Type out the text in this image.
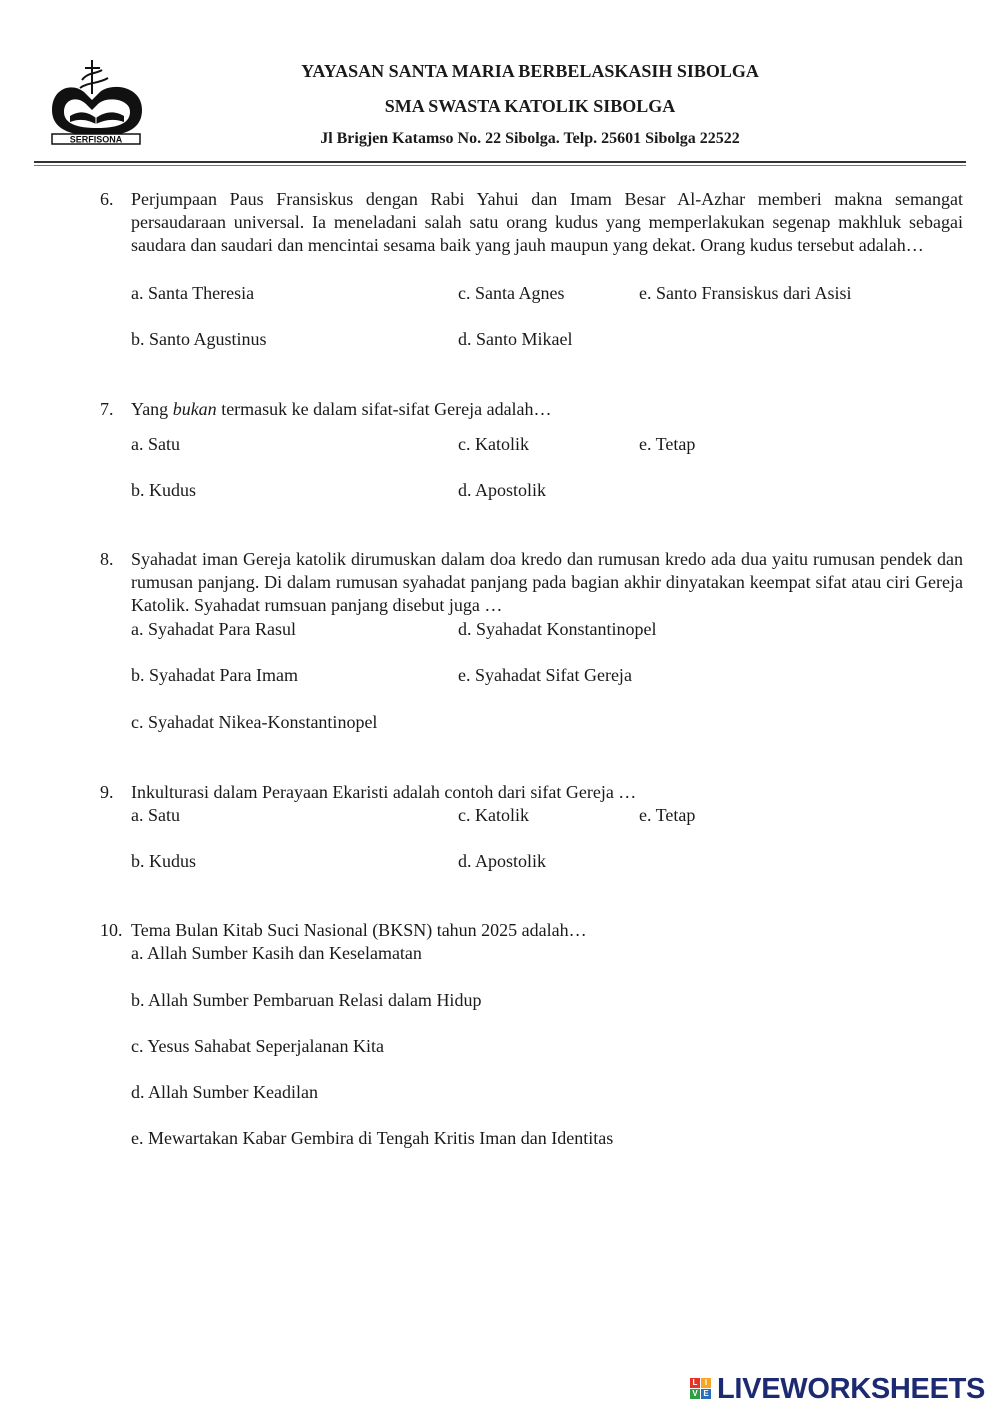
SERFISONA
YAYASAN SANTA MARIA BERBELASKASIH SIBOLGA
SMA SWASTA KATOLIK SIBOLGA
Jl Brigjen Katamso No. 22 Sibolga. Telp. 25601 Sibolga 22522
6. Perjumpaan Paus Fransiskus dengan Rabi Yahui dan Imam Besar Al-Azhar memberi makna semangat persaudaraan universal. Ia meneladani salah satu orang kudus yang memperlakukan segenap makhluk sebagai saudara dan saudari dan mencintai sesama baik yang jauh maupun yang dekat. Orang kudus tersebut adalah…
a. Santa Theresia	c. Santa Agnes	e. Santo Fransiskus dari Asisi
b. Santo Agustinus	d. Santo Mikael
7. Yang bukan termasuk ke dalam sifat-sifat Gereja adalah…
a. Satu	c. Katolik	e. Tetap
b. Kudus	d. Apostolik
8. Syahadat iman Gereja katolik dirumuskan dalam doa kredo dan rumusan kredo ada dua yaitu rumusan pendek dan rumusan panjang. Di dalam rumusan syahadat panjang pada bagian akhir dinyatakan keempat sifat atau ciri Gereja Katolik. Syahadat rumsuan panjang disebut juga …
a. Syahadat Para Rasul	d. Syahadat Konstantinopel
b. Syahadat Para Imam	e. Syahadat Sifat Gereja
c. Syahadat Nikea-Konstantinopel
9. Inkulturasi dalam Perayaan Ekaristi adalah contoh dari sifat Gereja …
a. Satu	c. Katolik	e. Tetap
b. Kudus	d. Apostolik
10. Tema Bulan Kitab Suci Nasional (BKSN) tahun 2025 adalah…
a. Allah Sumber Kasih dan Keselamatan
b. Allah Sumber Pembaruan Relasi dalam Hidup
c. Yesus Sahabat Seperjalanan Kita
d. Allah Sumber Keadilan
e. Mewartakan Kabar Gembira di Tengah Kritis Iman dan Identitas
L I
V E LIVEWORKSHEETS
